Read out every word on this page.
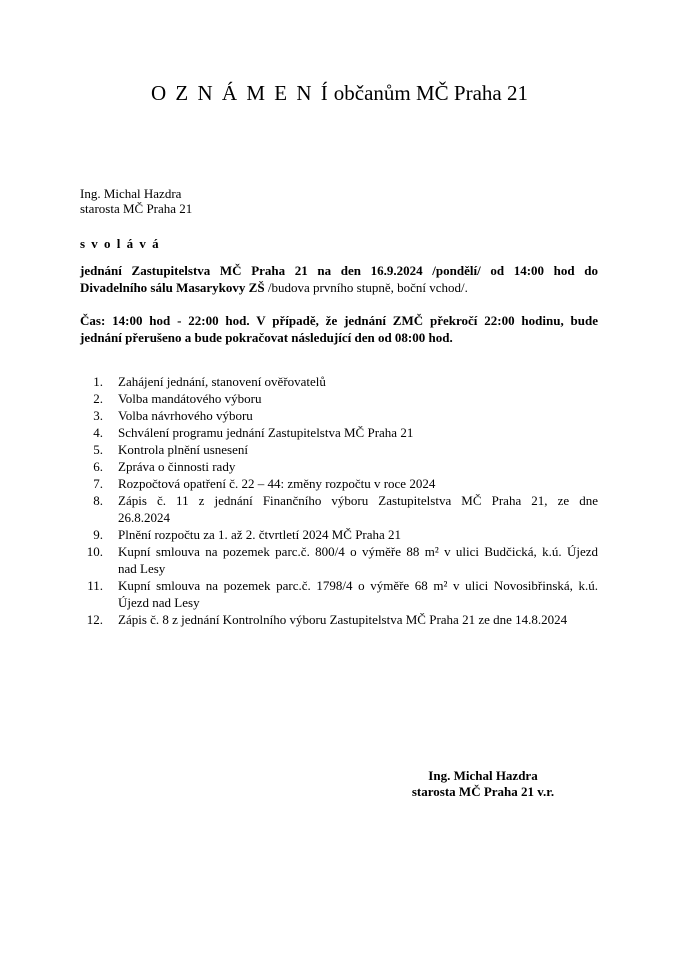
O Z N Á M E N Í občanům MČ Praha 21
Ing. Michal Hazdra
starosta MČ Praha 21
s v o l á v á
jednání Zastupitelstva MČ Praha 21 na den 16.9.2024 /pondělí/ od 14:00 hod do
Divadelního sálu Masarykovy ZŠ /budova prvního stupně, boční vchod/.
Čas: 14:00 hod - 22:00 hod. V případě, že jednání ZMČ překročí 22:00 hodinu, bude
jednání přerušeno a bude pokračovat následující den od 08:00 hod.
1. Zahájení jednání, stanovení ověřovatelů
2. Volba mandátového výboru
3. Volba návrhového výboru
4. Schválení programu jednání Zastupitelstva MČ Praha 21
5. Kontrola plnění usnesení
6. Zpráva o činnosti rady
7. Rozpočtová opatření č. 22 – 44: změny rozpočtu v roce 2024
8. Zápis č. 11 z jednání Finančního výboru Zastupitelstva MČ Praha 21, ze dne
26.8.2024
9. Plnění rozpočtu za 1. až 2. čtvrtletí 2024 MČ Praha 21
10. Kupní smlouva na pozemek parc.č. 800/4 o výměře 88 m² v ulici Budčická, k.ú. Újezd
nad Lesy
11. Kupní smlouva na pozemek parc.č. 1798/4 o výměře 68 m² v ulici Novosibřinská, k.ú.
Újezd nad Lesy
12. Zápis č. 8 z jednání Kontrolního výboru Zastupitelstva MČ Praha 21 ze dne 14.8.2024
Ing. Michal Hazdra
starosta MČ Praha 21 v.r.
